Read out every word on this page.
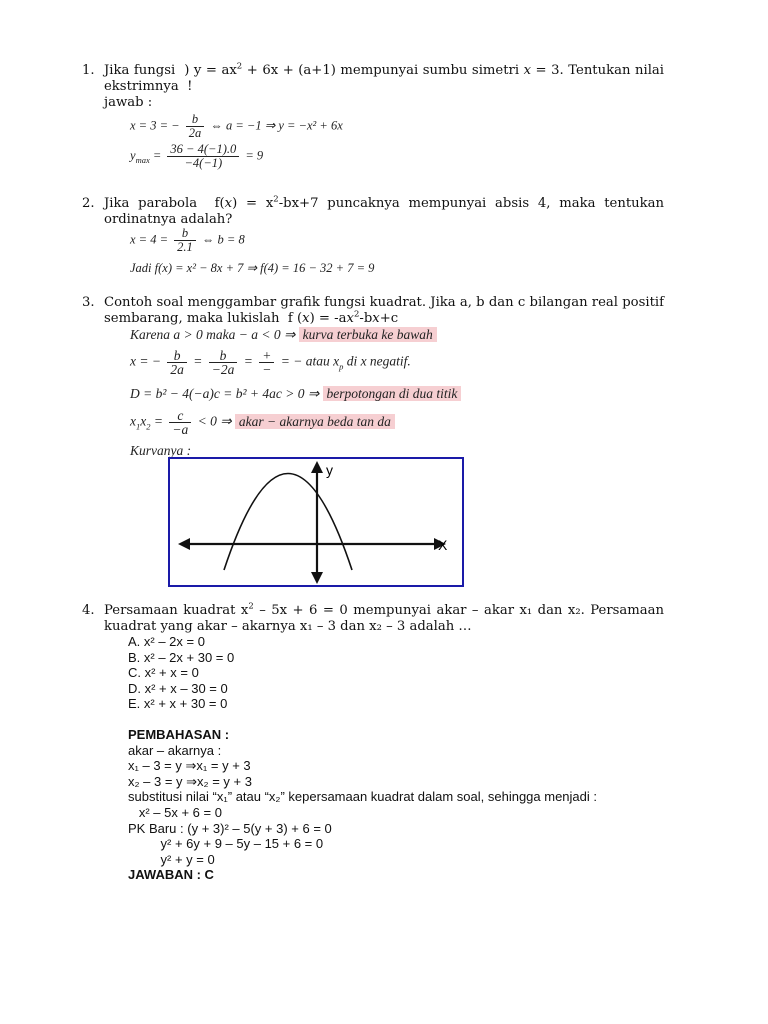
1. Jika fungsi  ) $y = ax^2 + 6x + (a+1)$ mempunyai sumbu simetri x = 3. Tentukan nilai ekstrimnya  !
jawab :
x = 3 = − $\frac{b}{2a}$ ⇔ a = −1 ⇒ y = −x² + 6x
$y_{max} = \frac{36 - 4(-1).0}{-4(-1)} = 9$
2. Jika parabola  $f(x) = x^2-bx+7$ puncaknya mempunyai absis 4, maka tentukan ordinatnya adalah?
$x = 4 = \frac{b}{2.1}$ ⇔ b = 8
Jadi f(x) = x² − 8x + 7 ⇒ f(4) = 16 − 32 + 7 = 9
3. Contoh soal menggambar grafik fungsi kuadrat. Jika a, b dan c bilangan real positif sembarang, maka lukislah  f $(x) = -ax^2-bx+c$
Karena a > 0 maka − a < 0 ⇒ kurva terbuka ke bawah
x = − $\frac{b}{2a} = \frac{b}{-2a} = \frac{+}{-}$ = − atau $x_p$ di x negatif.
D = b² − 4(−a)c = b² + 4ac > 0 ⇒ berpotongan di dua titik
$x_1x_2 = \frac{c}{-a} < 0$ ⇒ akar − akarnya beda tan da
Kurvanya :
y
X
4. Persamaan kuadrat $x^2 - 5x + 6 = 0$ mempunyai akar – akar x₁ dan x₂. Persamaan kuadrat yang akar – akarnya x₁ – 3 dan x₂ – 3 adalah …
A. x² – 2x = 0
B. x² – 2x + 30 = 0
C. x² + x = 0
D. x² + x – 30 = 0
E. x² + x + 30 = 0
PEMBAHASAN :
akar – akarnya :
x₁ – 3 = y ⇒x₁ = y + 3
x₂ – 3 = y ⇒x₂ = y + 3
substitusi nilai “x₁” atau “x₂” kepersamaan kuadrat dalam soal, sehingga menjadi :
x² – 5x + 6 = 0
PK Baru : (y + 3)² – 5(y + 3) + 6 = 0
y² + 6y + 9 – 5y – 15 + 6 = 0
y² + y = 0
JAWABAN : C
